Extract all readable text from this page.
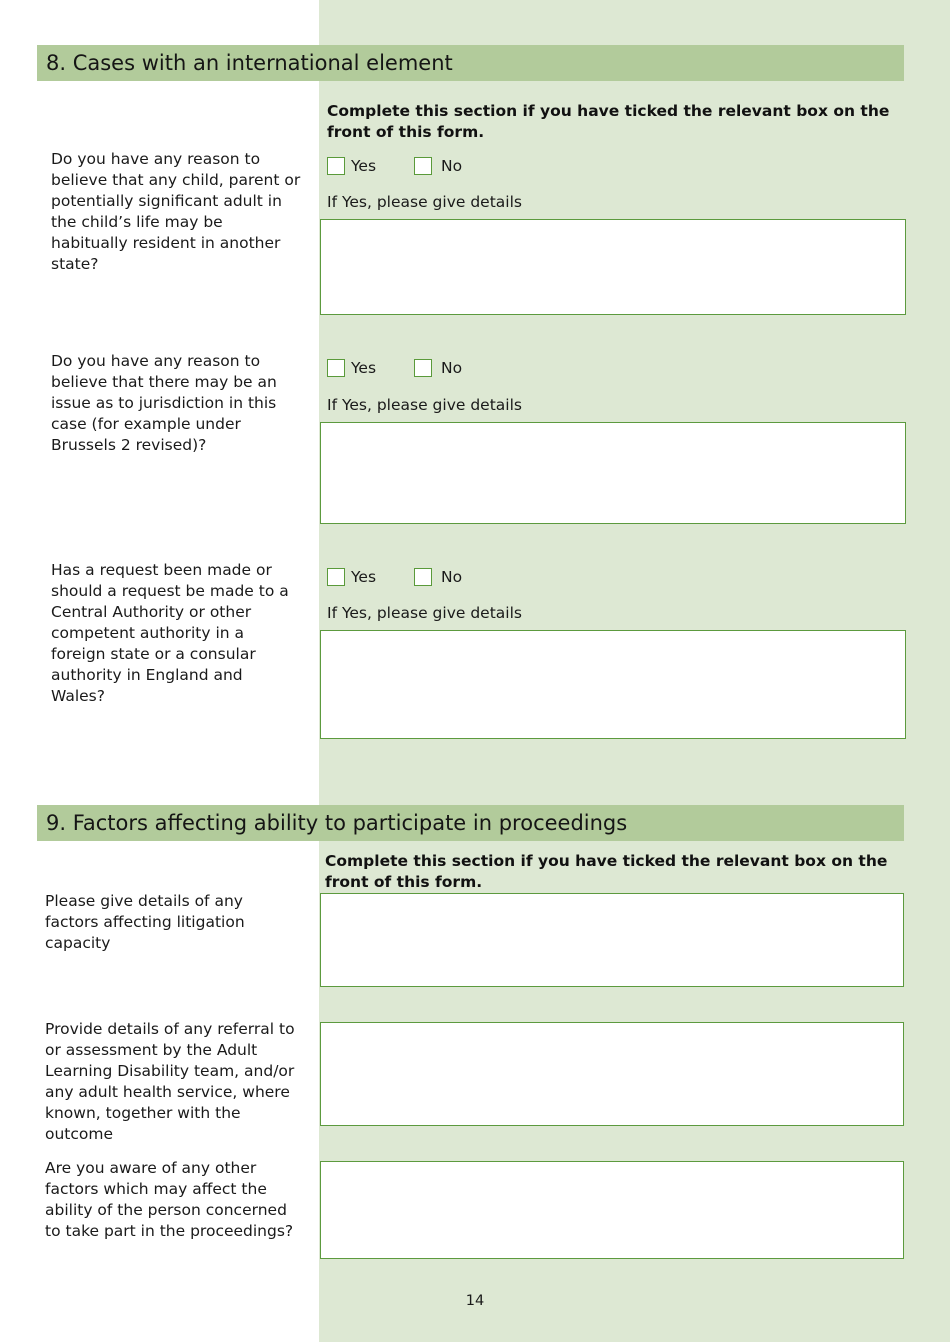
8. Cases with an international element
Complete this section if you have ticked the relevant box on the front of this form.
Do you have any reason to believe that any child, parent or potentially significant adult in the child’s life may be habitually resident in another state?
Yes	No
If Yes, please give details
Do you have any reason to believe that there may be an issue as to jurisdiction in this case (for example under Brussels 2 revised)?
Yes	No
If Yes, please give details
Has a request been made or should a request be made to a Central Authority or other competent authority in a foreign state or a consular authority in England and Wales?
Yes	No
If Yes, please give details
9. Factors affecting ability to participate in proceedings
Complete this section if you have ticked the relevant box on the front of this form.
Please give details of any factors affecting litigation capacity
Provide details of any referral to or assessment by the Adult Learning Disability team, and/or any adult health service, where known, together with the outcome
Are you aware of any other factors which may affect the ability of the person concerned to take part in the proceedings?
14
